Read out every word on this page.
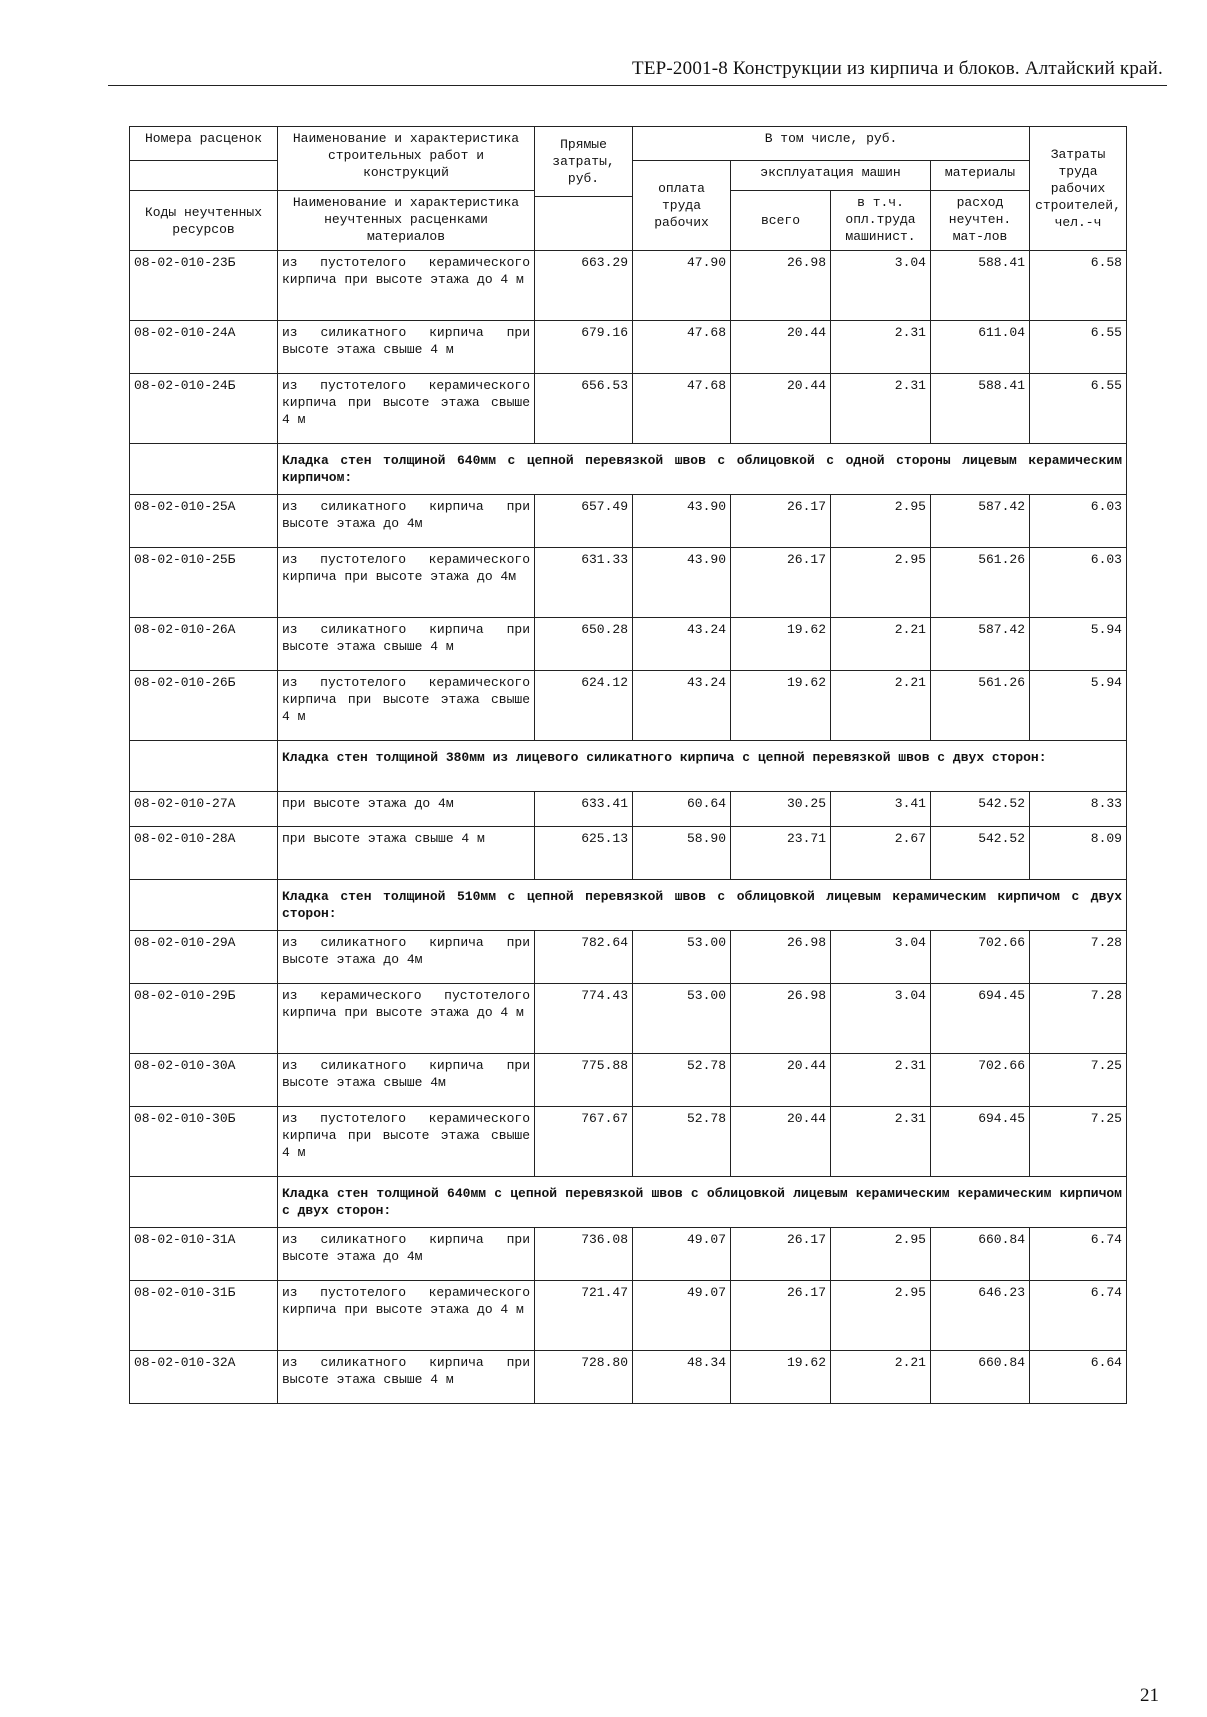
ТЕР-2001-8 Конструкции из кирпича и блоков. Алтайский край.
Номера расценок	Наименование и характеристика строительных работ и конструкций	Прямые затраты, руб.	В том числе, руб.				Затраты труда рабочих строителей, чел.-ч
			оплата труда рабочих	эксплуатация машин		материалы	
Коды неучтенных ресурсов	Наименование и характеристика неучтенных расценками материалов			всего	в т.ч. опл.труда машинист.	расход неучтен. мат-лов	

08-02-010-23Б	из пустотелого керамического кирпича при высоте этажа до 4 м	663.29	47.90	26.98	3.04	588.41	6.58
08-02-010-24А	из силикатного кирпича при высоте этажа свыше 4 м	679.16	47.68	20.44	2.31	611.04	6.55
08-02-010-24Б	из пустотелого керамического кирпича при высоте этажа свыше 4 м	656.53	47.68	20.44	2.31	588.41	6.55
	Кладка стен толщиной 640мм с цепной перевязкой швов с облицовкой с одной стороны лицевым керамическим кирпичом:						
08-02-010-25А	из силикатного кирпича при высоте этажа до 4м	657.49	43.90	26.17	2.95	587.42	6.03
08-02-010-25Б	из пустотелого керамического кирпича при высоте этажа до 4м	631.33	43.90	26.17	2.95	561.26	6.03
08-02-010-26А	из силикатного кирпича при высоте этажа свыше 4 м	650.28	43.24	19.62	2.21	587.42	5.94
08-02-010-26Б	из пустотелого керамического кирпича при высоте этажа свыше 4 м	624.12	43.24	19.62	2.21	561.26	5.94
	Кладка стен толщиной 380мм из лицевого силикатного кирпича с цепной перевязкой швов с двух сторон:						
08-02-010-27А	при высоте этажа до 4м	633.41	60.64	30.25	3.41	542.52	8.33
08-02-010-28А	при высоте этажа свыше 4 м	625.13	58.90	23.71	2.67	542.52	8.09
	Кладка стен толщиной 510мм с цепной перевязкой швов с облицовкой лицевым керамическим кирпичом с двух сторон:						
08-02-010-29А	из силикатного кирпича при высоте этажа до 4м	782.64	53.00	26.98	3.04	702.66	7.28
08-02-010-29Б	из керамического пустотелого кирпича при высоте этажа до 4 м	774.43	53.00	26.98	3.04	694.45	7.28
08-02-010-30А	из силикатного кирпича при высоте этажа свыше 4м	775.88	52.78	20.44	2.31	702.66	7.25
08-02-010-30Б	из пустотелого керамического кирпича при высоте этажа свыше 4 м	767.67	52.78	20.44	2.31	694.45	7.25
	Кладка стен толщиной 640мм с цепной перевязкой швов с облицовкой лицевым керамическим керамическим кирпичом с двух сторон:						
08-02-010-31А	из силикатного кирпича при высоте этажа до 4м	736.08	49.07	26.17	2.95	660.84	6.74
08-02-010-31Б	из пустотелого керамического кирпича при высоте этажа до 4 м	721.47	49.07	26.17	2.95	646.23	6.74
08-02-010-32А	из силикатного кирпича при высоте этажа свыше 4 м	728.80	48.34	19.62	2.21	660.84	6.64
21
